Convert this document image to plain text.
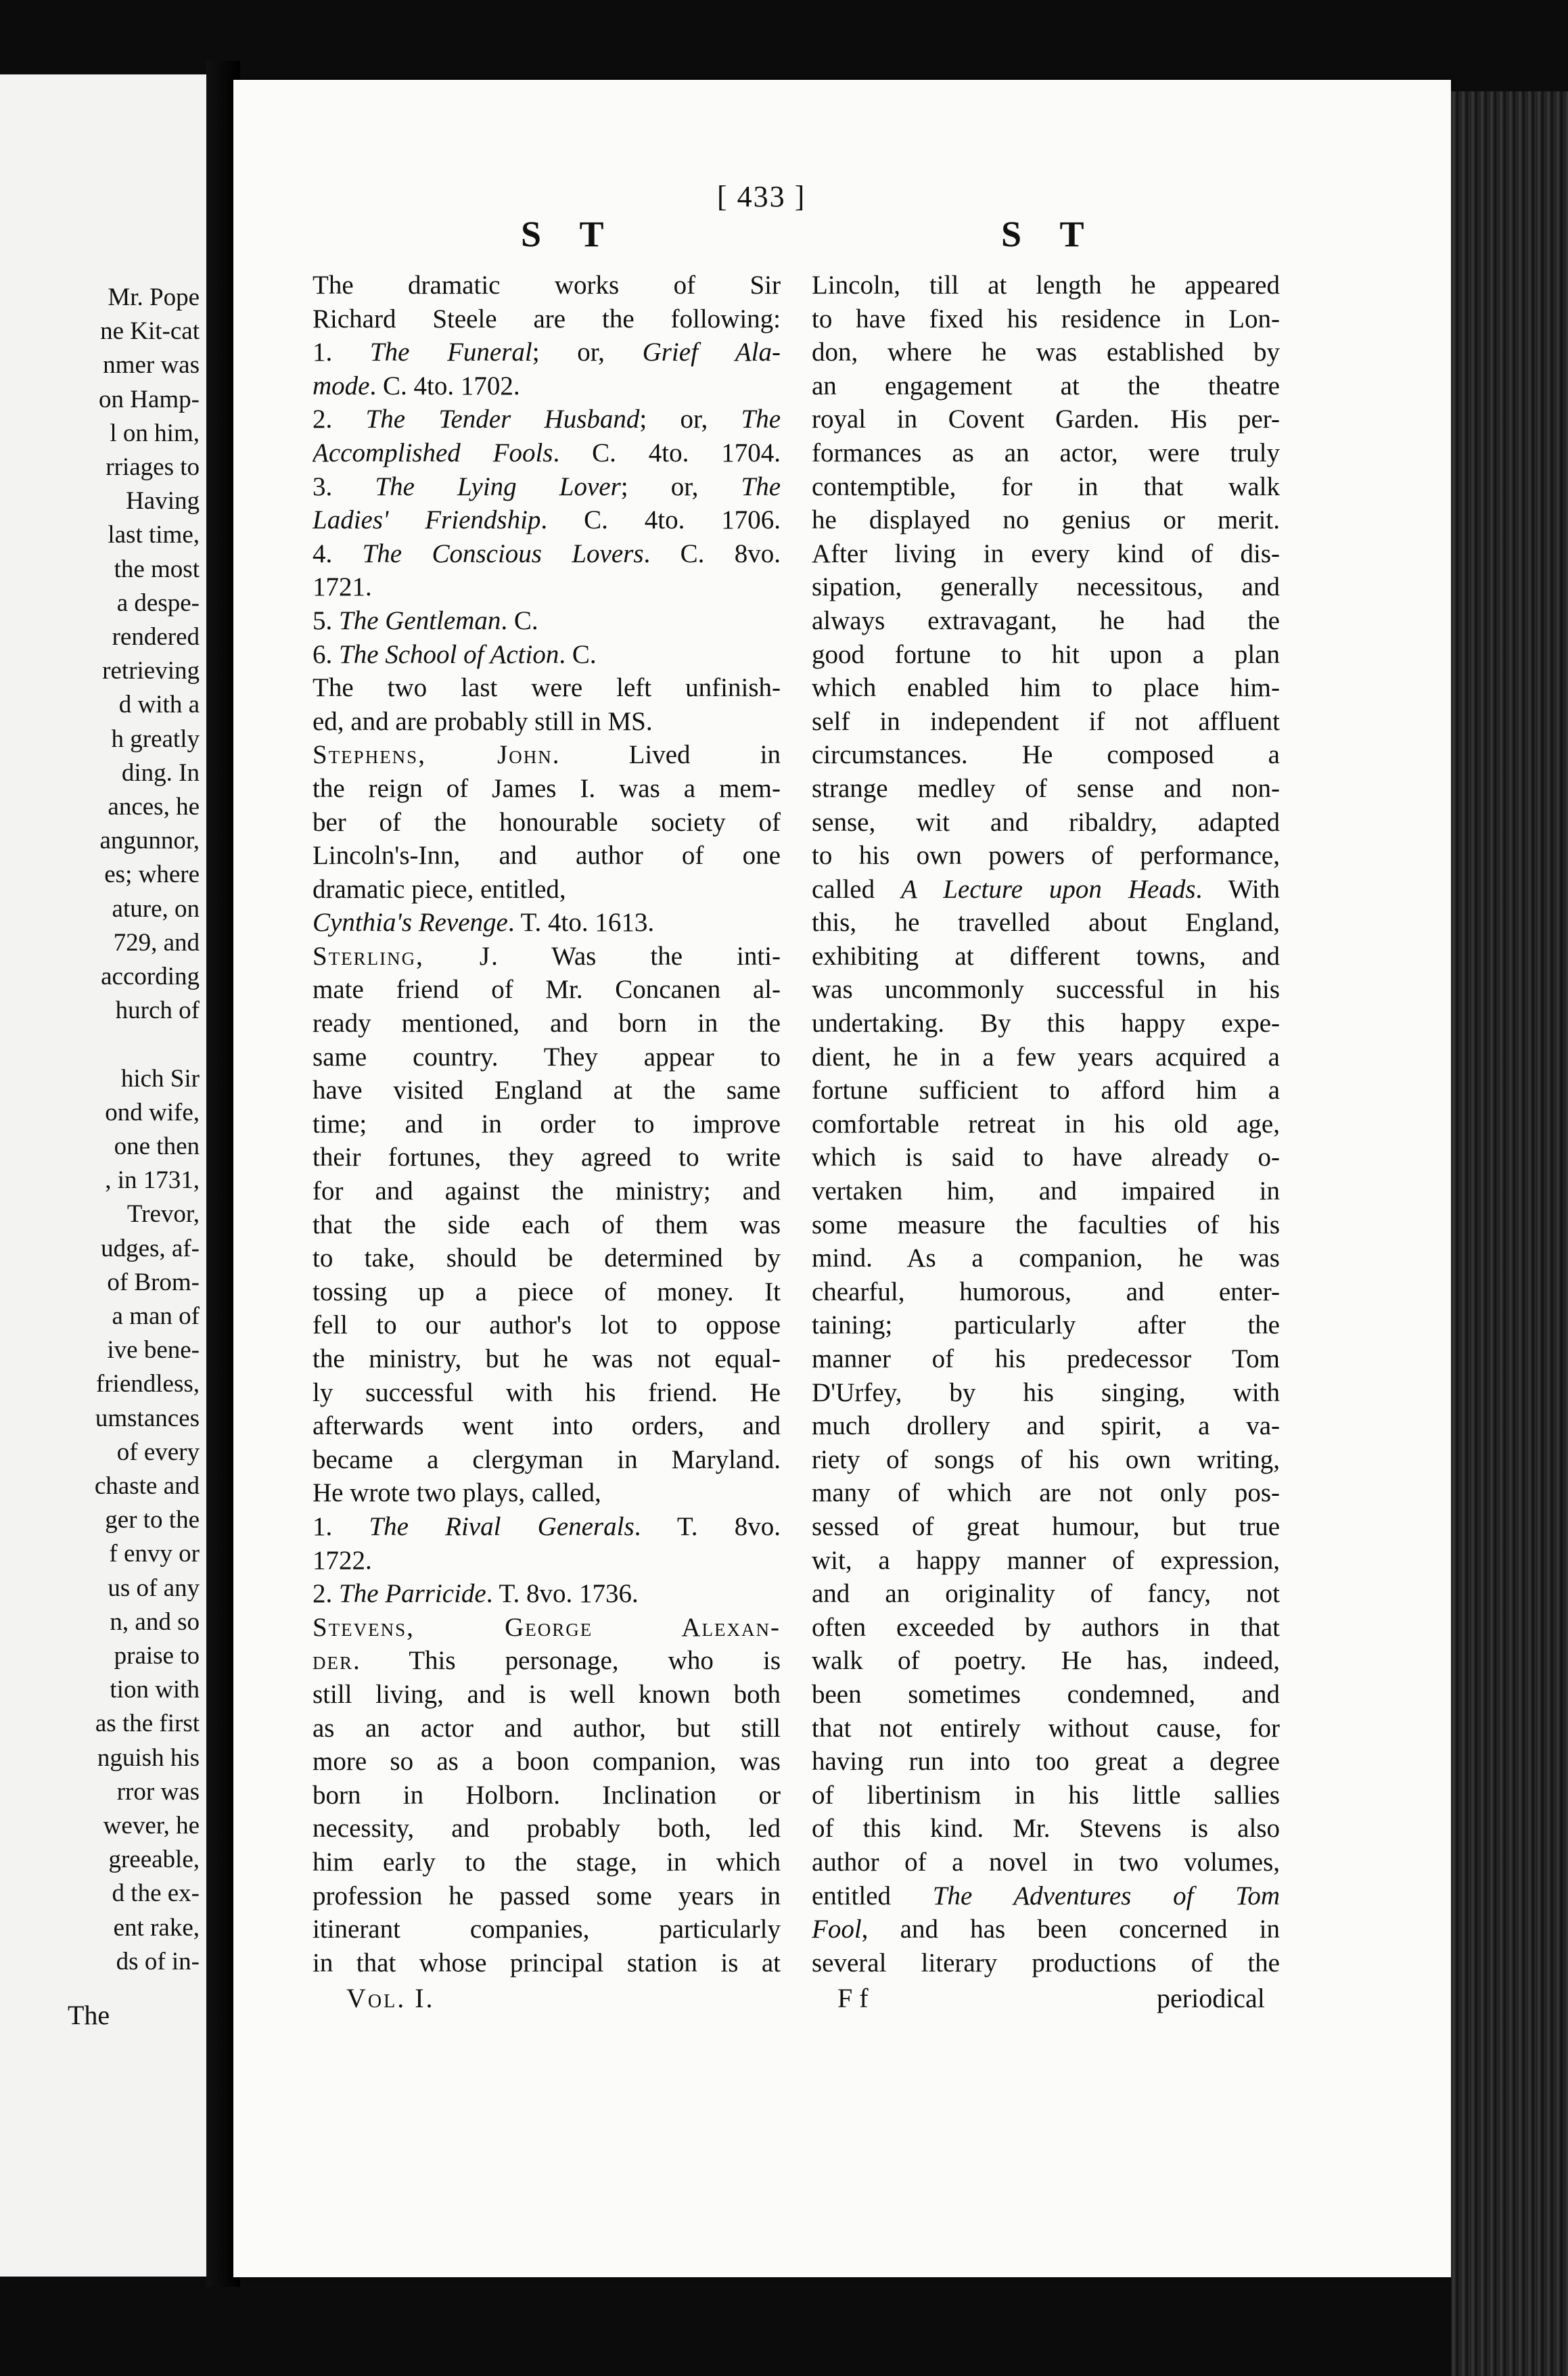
Mr. Pope
ne Kit-cat
nmer was
on Hamp-
l on him,
rriages to
Having
last time,
the most
a despe-
rendered
retrieving
d with a
h greatly
ding. In
ances, he
angunnor,
es; where
ature, on
729, and
according
hurch of
hich Sir
ond wife,
one then
, in 1731,
Trevor,
udges, af-
of Brom-
a man of
ive bene-
friendless,
umstances
of every
chaste and
ger to the
f envy or
us of any
n, and so
praise to
tion with
as the first
nguish his
rror was
wever, he
greeable,
d the ex-
ent rake,
ds of in-
[ 433 ]
S T	S T
The dramatic works of Sir
Richard Steele are the following:
1. The Funeral; or, Grief Ala-
mode. C. 4to. 1702.
2. The Tender Husband; or, The
Accomplished Fools. C. 4to. 1704.
3. The Lying Lover; or, The
Ladies' Friendship. C. 4to. 1706.
4. The Conscious Lovers. C. 8vo.
1721.
5. The Gentleman. C.
6. The School of Action. C.
The two last were left unfinish-
ed, and are probably still in MS.
Stephens, John. Lived in
the reign of James I. was a mem-
ber of the honourable society of
Lincoln's-Inn, and author of one
dramatic piece, entitled,
Cynthia's Revenge. T. 4to. 1613.
Sterling, J. Was the inti-
mate friend of Mr. Concanen al-
ready mentioned, and born in the
same country. They appear to
have visited England at the same
time; and in order to improve
their fortunes, they agreed to write
for and against the ministry; and
that the side each of them was
to take, should be determined by
tossing up a piece of money. It
fell to our author's lot to oppose
the ministry, but he was not equal-
ly successful with his friend. He
afterwards went into orders, and
became a clergyman in Maryland.
He wrote two plays, called,
1. The Rival Generals. T. 8vo.
1722.
2. The Parricide. T. 8vo. 1736.
Stevens, George Alexan-
der. This personage, who is
still living, and is well known both
as an actor and author, but still
more so as a boon companion, was
born in Holborn. Inclination or
necessity, and probably both, led
him early to the stage, in which
profession he passed some years in
itinerant companies, particularly
in that whose principal station is at
Lincoln, till at length he appeared
to have fixed his residence in Lon-
don, where he was established by
an engagement at the theatre
royal in Covent Garden. His per-
formances as an actor, were truly
contemptible, for in that walk
he displayed no genius or merit.
After living in every kind of dis-
sipation, generally necessitous, and
always extravagant, he had the
good fortune to hit upon a plan
which enabled him to place him-
self in independent if not affluent
circumstances. He composed a
strange medley of sense and non-
sense, wit and ribaldry, adapted
to his own powers of performance,
called A Lecture upon Heads. With
this, he travelled about England,
exhibiting at different towns, and
was uncommonly successful in his
undertaking. By this happy expe-
dient, he in a few years acquired a
fortune sufficient to afford him a
comfortable retreat in his old age,
which is said to have already o-
vertaken him, and impaired in
some measure the faculties of his
mind. As a companion, he was
chearful, humorous, and enter-
taining; particularly after the
manner of his predecessor Tom
D'Urfey, by his singing, with
much drollery and spirit, a va-
riety of songs of his own writing,
many of which are not only pos-
sessed of great humour, but true
wit, a happy manner of expression,
and an originality of fancy, not
often exceeded by authors in that
walk of poetry. He has, indeed,
been sometimes condemned, and
that not entirely without cause, for
having run into too great a degree
of libertinism in his little sallies
of this kind. Mr. Stevens is also
author of a novel in two volumes,
entitled The Adventures of Tom
Fool, and has been concerned in
several literary productions of the
Vol. I.	F f	periodical
The
